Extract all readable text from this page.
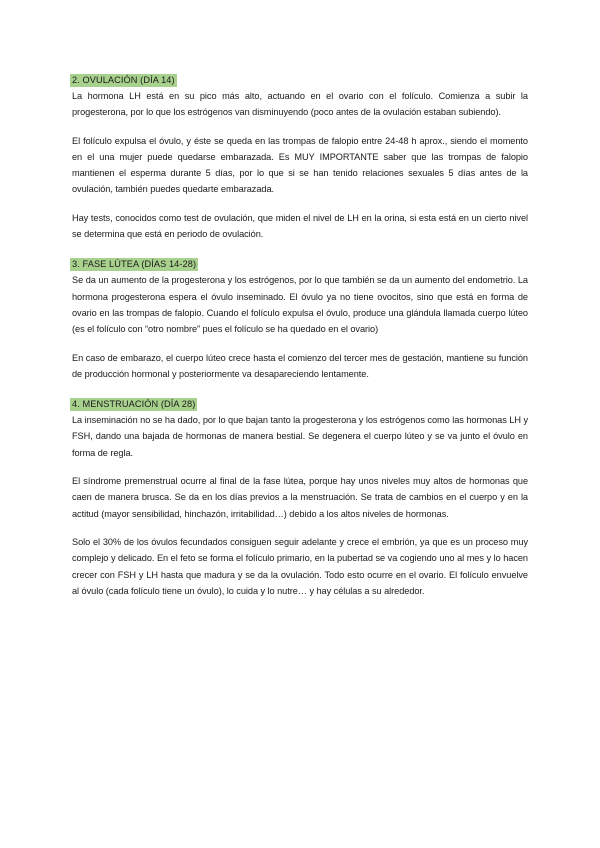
2. OVULACIÓN (DÍA 14)

La hormona LH está en su pico más alto, actuando en el ovario con el folículo. Comienza a subir la progesterona, por lo que los estrógenos van disminuyendo (poco antes de la ovulación estaban subiendo).

El folículo expulsa el óvulo, y éste se queda en las trompas de falopio entre 24-48 h aprox., siendo el momento en el una mujer puede quedarse embarazada. Es MUY IMPORTANTE saber que las trompas de falopio mantienen el esperma durante 5 días, por lo que si se han tenido relaciones sexuales 5 días antes de la ovulación, también puedes quedarte embarazada.

Hay tests, conocidos como test de ovulación, que miden el nivel de LH en la orina, si esta está en un cierto nivel se determina que está en periodo de ovulación.

3. FASE LÚTEA (DÍAS 14-28)

Se da un aumento de la progesterona y los estrógenos, por lo que también se da un aumento del endometrio. La hormona progesterona espera el óvulo inseminado. El óvulo ya no tiene ovocitos, sino que está en forma de ovario en las trompas de falopio. Cuando el folículo expulsa el óvulo, produce una glándula llamada cuerpo lúteo (es el folículo con “otro nombre” pues el folículo se ha quedado en el ovario)

En caso de embarazo, el cuerpo lúteo crece hasta el comienzo del tercer mes de gestación, mantiene su función de producción hormonal y posteriormente va desapareciendo lentamente.

4. MENSTRUACIÓN (DÍA 28)

La inseminación no se ha dado, por lo que bajan tanto la progesterona y los estrógenos como las hormonas LH y FSH, dando una bajada de hormonas de manera bestial. Se degenera el cuerpo lúteo y se va junto el óvulo en forma de regla.

El síndrome premenstrual ocurre al final de la fase lútea, porque hay unos niveles muy altos de hormonas que caen de manera brusca. Se da en los días previos a la menstruación. Se trata de cambios en el cuerpo y en la actitud (mayor sensibilidad, hinchazón, irritabilidad…) debido a los altos niveles de hormonas.

Solo el 30% de los óvulos fecundados consiguen seguir adelante y crece el embrión, ya que es un proceso muy complejo y delicado. En el feto se forma el folículo primario, en la pubertad se va cogiendo uno al mes y lo hacen crecer con FSH y LH hasta que madura y se da la ovulación. Todo esto ocurre en el ovario. El folículo envuelve al óvulo (cada folículo tiene un óvulo), lo cuida y lo nutre… y hay células a su alrededor.
